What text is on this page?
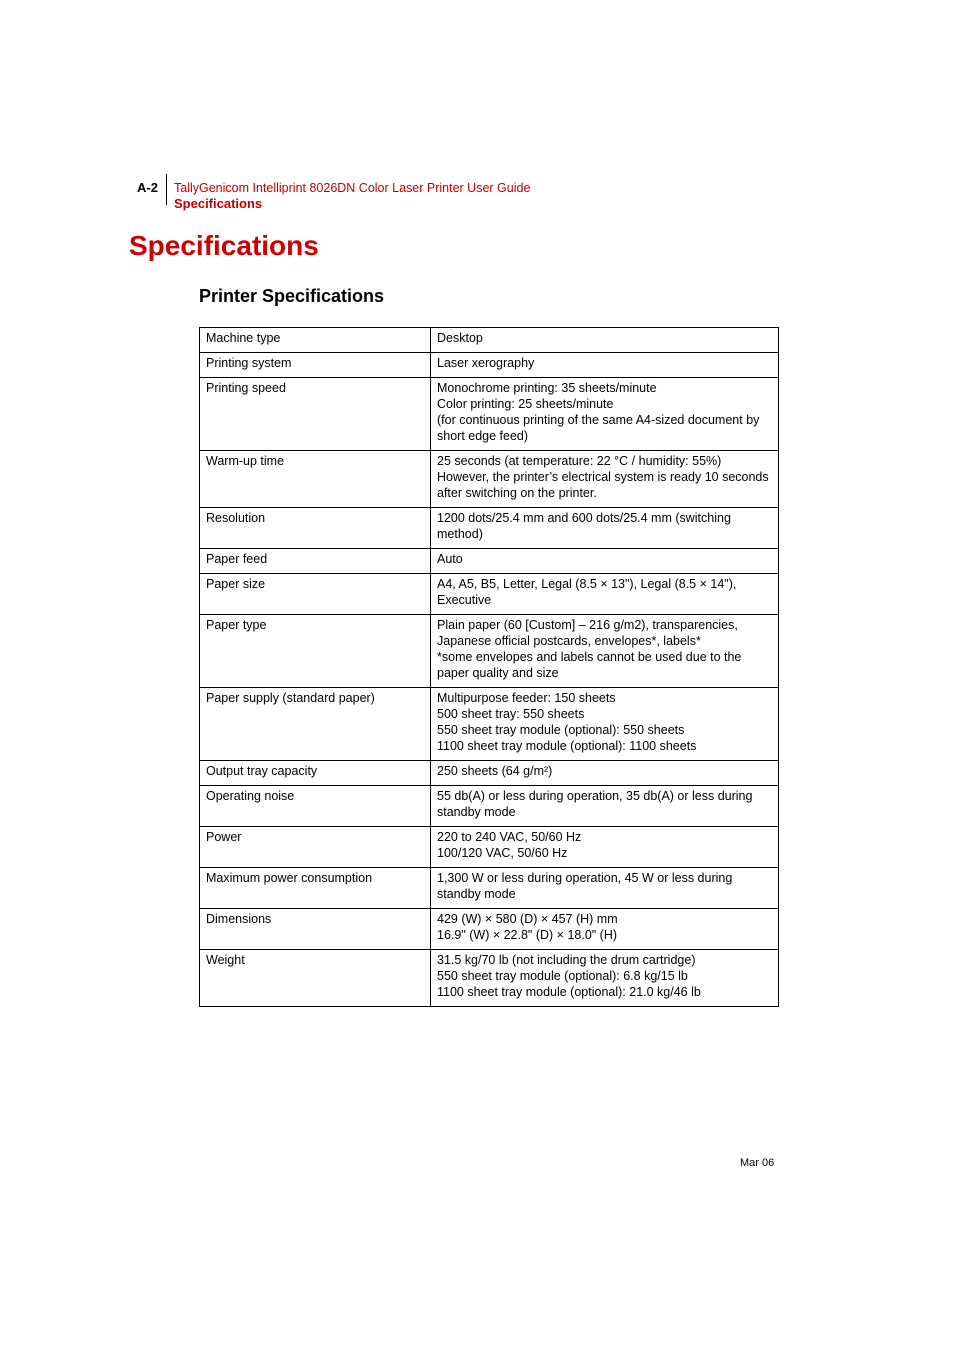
A-2 TallyGenicom Intelliprint 8026DN Color Laser Printer User Guide
Specifications
Specifications
Printer Specifications
Machine type	Desktop

Printing system	Laser xerography

Printing speed	Monochrome printing: 35 sheets/minute
Color printing: 25 sheets/minute
(for continuous printing of the same A4-sized document by short edge feed)

Warm-up time	25 seconds (at temperature: 22 °C / humidity: 55%)
However, the printer’s electrical system is ready 10 seconds after switching on the printer.

Resolution	1200 dots/25.4 mm and 600 dots/25.4 mm (switching method)

Paper feed	Auto

Paper size	A4, A5, B5, Letter, Legal (8.5 × 13"), Legal (8.5 × 14"), Executive

Paper type	Plain paper (60 [Custom] – 216 g/m2), transparencies, Japanese official postcards, envelopes*, labels*
*some envelopes and labels cannot be used due to the paper quality and size

Paper supply (standard paper)	Multipurpose feeder: 150 sheets
500 sheet tray: 550 sheets
550 sheet tray module (optional): 550 sheets
1100 sheet tray module (optional): 1100 sheets

Output tray capacity	250 sheets (64 g/m²)

Operating noise	55 db(A) or less during operation, 35 db(A) or less during standby mode

Power	220 to 240 VAC, 50/60 Hz
100/120 VAC, 50/60 Hz

Maximum power consumption	1,300 W or less during operation, 45 W or less during standby mode

Dimensions	429 (W) × 580 (D) × 457 (H) mm
16.9" (W) × 22.8" (D) × 18.0" (H)

Weight	31.5 kg/70 lb (not including the drum cartridge)
550 sheet tray module (optional): 6.8 kg/15 lb
1100 sheet tray module (optional): 21.0 kg/46 lb
Mar 06
